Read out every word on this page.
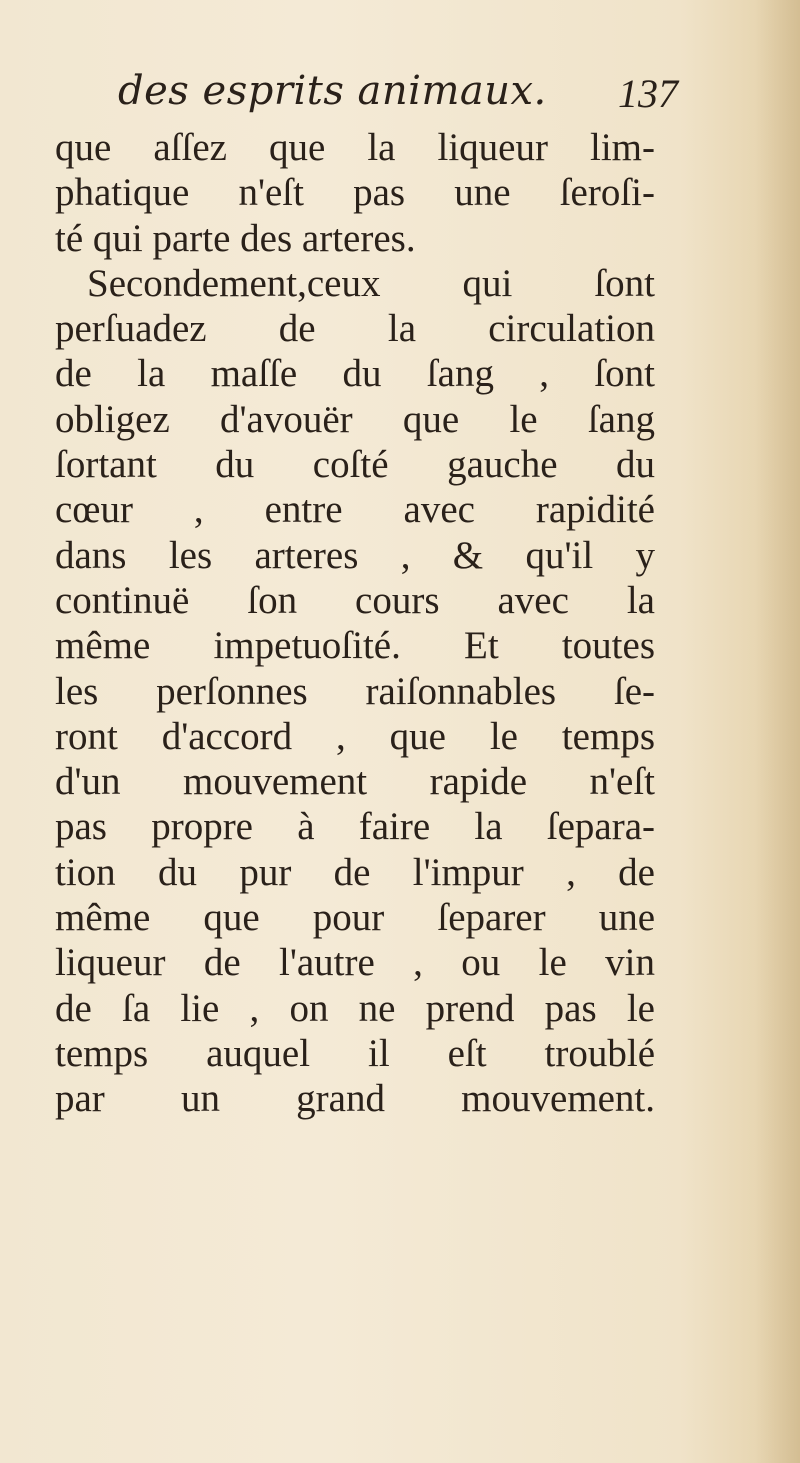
des esprits animaux. 137
que aſſez que la liqueur lim-
phatique n'eſt pas une ſeroſi-
té qui parte des arteres.
Secondement,ceux qui ſont
perſuadez de la circulation
de la maſſe du ſang , ſont
obligez d'avouër que le ſang
ſortant du coſté gauche du
cœur , entre avec rapidité
dans les arteres , & qu'il y
continuë ſon cours avec la
même impetuoſité. Et toutes
les perſonnes raiſonnables ſe-
ront d'accord , que le temps
d'un mouvement rapide n'eſt
pas propre à faire la ſepara-
tion du pur de l'impur , de
même que pour ſeparer une
liqueur de l'autre , ou le vin
de ſa lie , on ne prend pas le
temps auquel il eſt troublé
par un grand mouvement.
